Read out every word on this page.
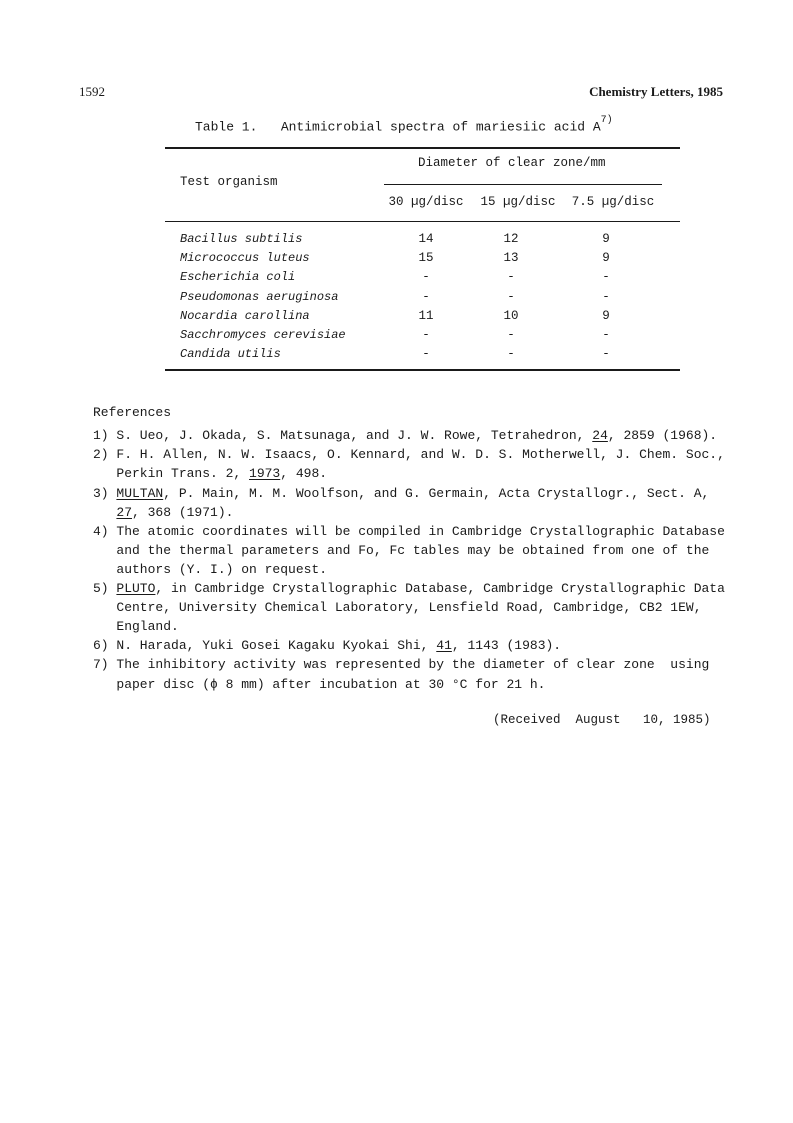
1592	Chemistry Letters, 1985
Table 1.   Antimicrobial spectra of mariesiic acid $A^{7)}$
Diameter of clear zone/mm
Test organism
30 µg/disc	15 µg/disc	7.5 µg/disc
Bacillus subtilis	14	12	9
Micrococcus luteus	15	13	9
Escherichia coli	-	-	-
Pseudomonas aeruginosa	-	-	-
Nocardia carollina	11	10	9
Sacchromyces cerevisiae	-	-	-
Candida utilis	-	-	-
References
1) S. Ueo, J. Okada, S. Matsunaga, and J. W. Rowe, Tetrahedron, 24, 2859 (1968).
2) F. H. Allen, N. W. Isaacs, O. Kennard, and W. D. S. Motherwell, J. Chem. Soc.,
Perkin Trans. 2, 1973, 498.
3) MULTAN, P. Main, M. M. Woolfson, and G. Germain, Acta Crystallogr., Sect. A,
27, 368 (1971).
4) The atomic coordinates will be compiled in Cambridge Crystallographic Database
and the thermal parameters and Fo, Fc tables may be obtained from one of the
authors (Y. I.) on request.
5) PLUTO, in Cambridge Crystallographic Database, Cambridge Crystallographic Data
Centre, University Chemical Laboratory, Lensfield Road, Cambridge, CB2 1EW,
England.
6) N. Harada, Yuki Gosei Kagaku Kyokai Shi, 41, 1143 (1983).
7) The inhibitory activity was represented by the diameter of clear zone  using
paper disc (ϕ 8 mm) after incubation at 30 °C for 21 h.
(Received  August   10, 1985)
